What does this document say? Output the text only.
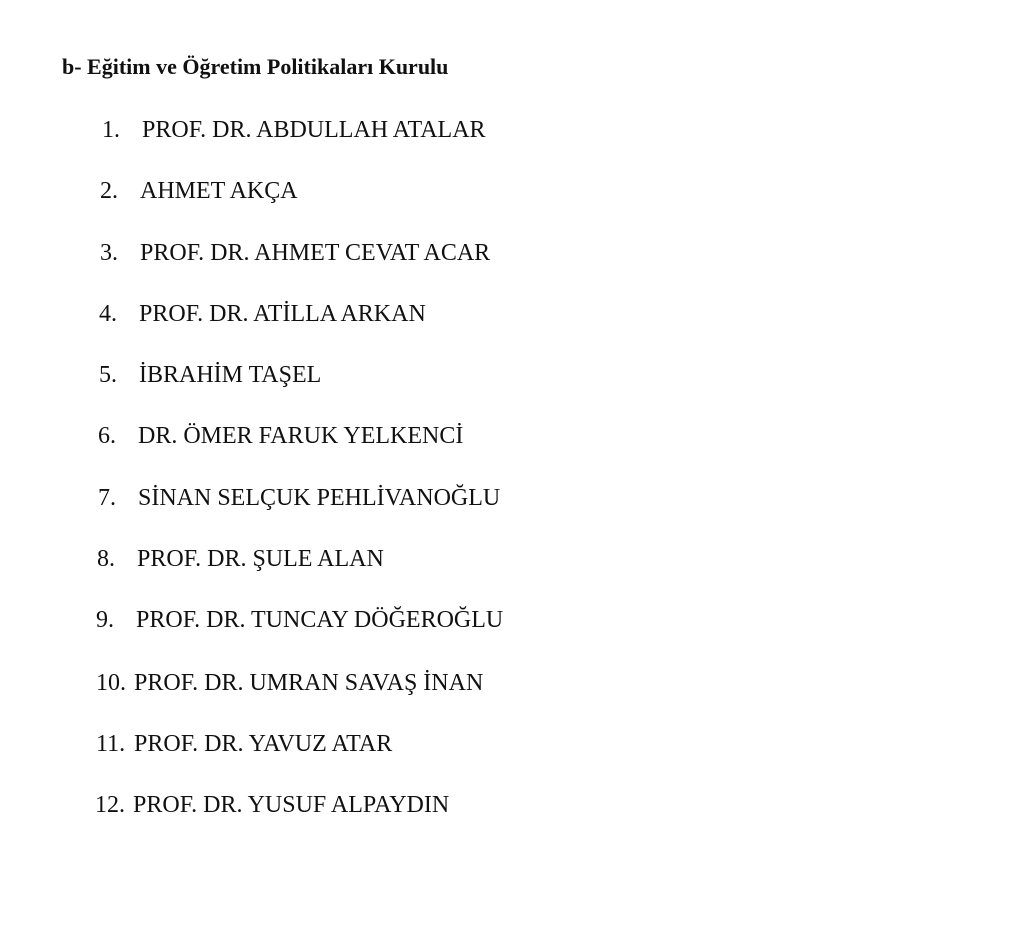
b- Eğitim ve Öğretim Politikaları Kurulu
1. PROF. DR. ABDULLAH ATALAR
2. AHMET AKÇA
3. PROF. DR. AHMET CEVAT ACAR
4. PROF. DR. ATİLLA ARKAN
5. İBRAHİM TAŞEL
6. DR. ÖMER FARUK YELKENCİ
7. SİNAN SELÇUK PEHLİVANOĞLU
8. PROF. DR. ŞULE ALAN
9. PROF. DR. TUNCAY DÖĞEROĞLU
10. PROF. DR. UMRAN SAVAŞ İNAN
11. PROF. DR. YAVUZ ATAR
12. PROF. DR. YUSUF ALPAYDIN
